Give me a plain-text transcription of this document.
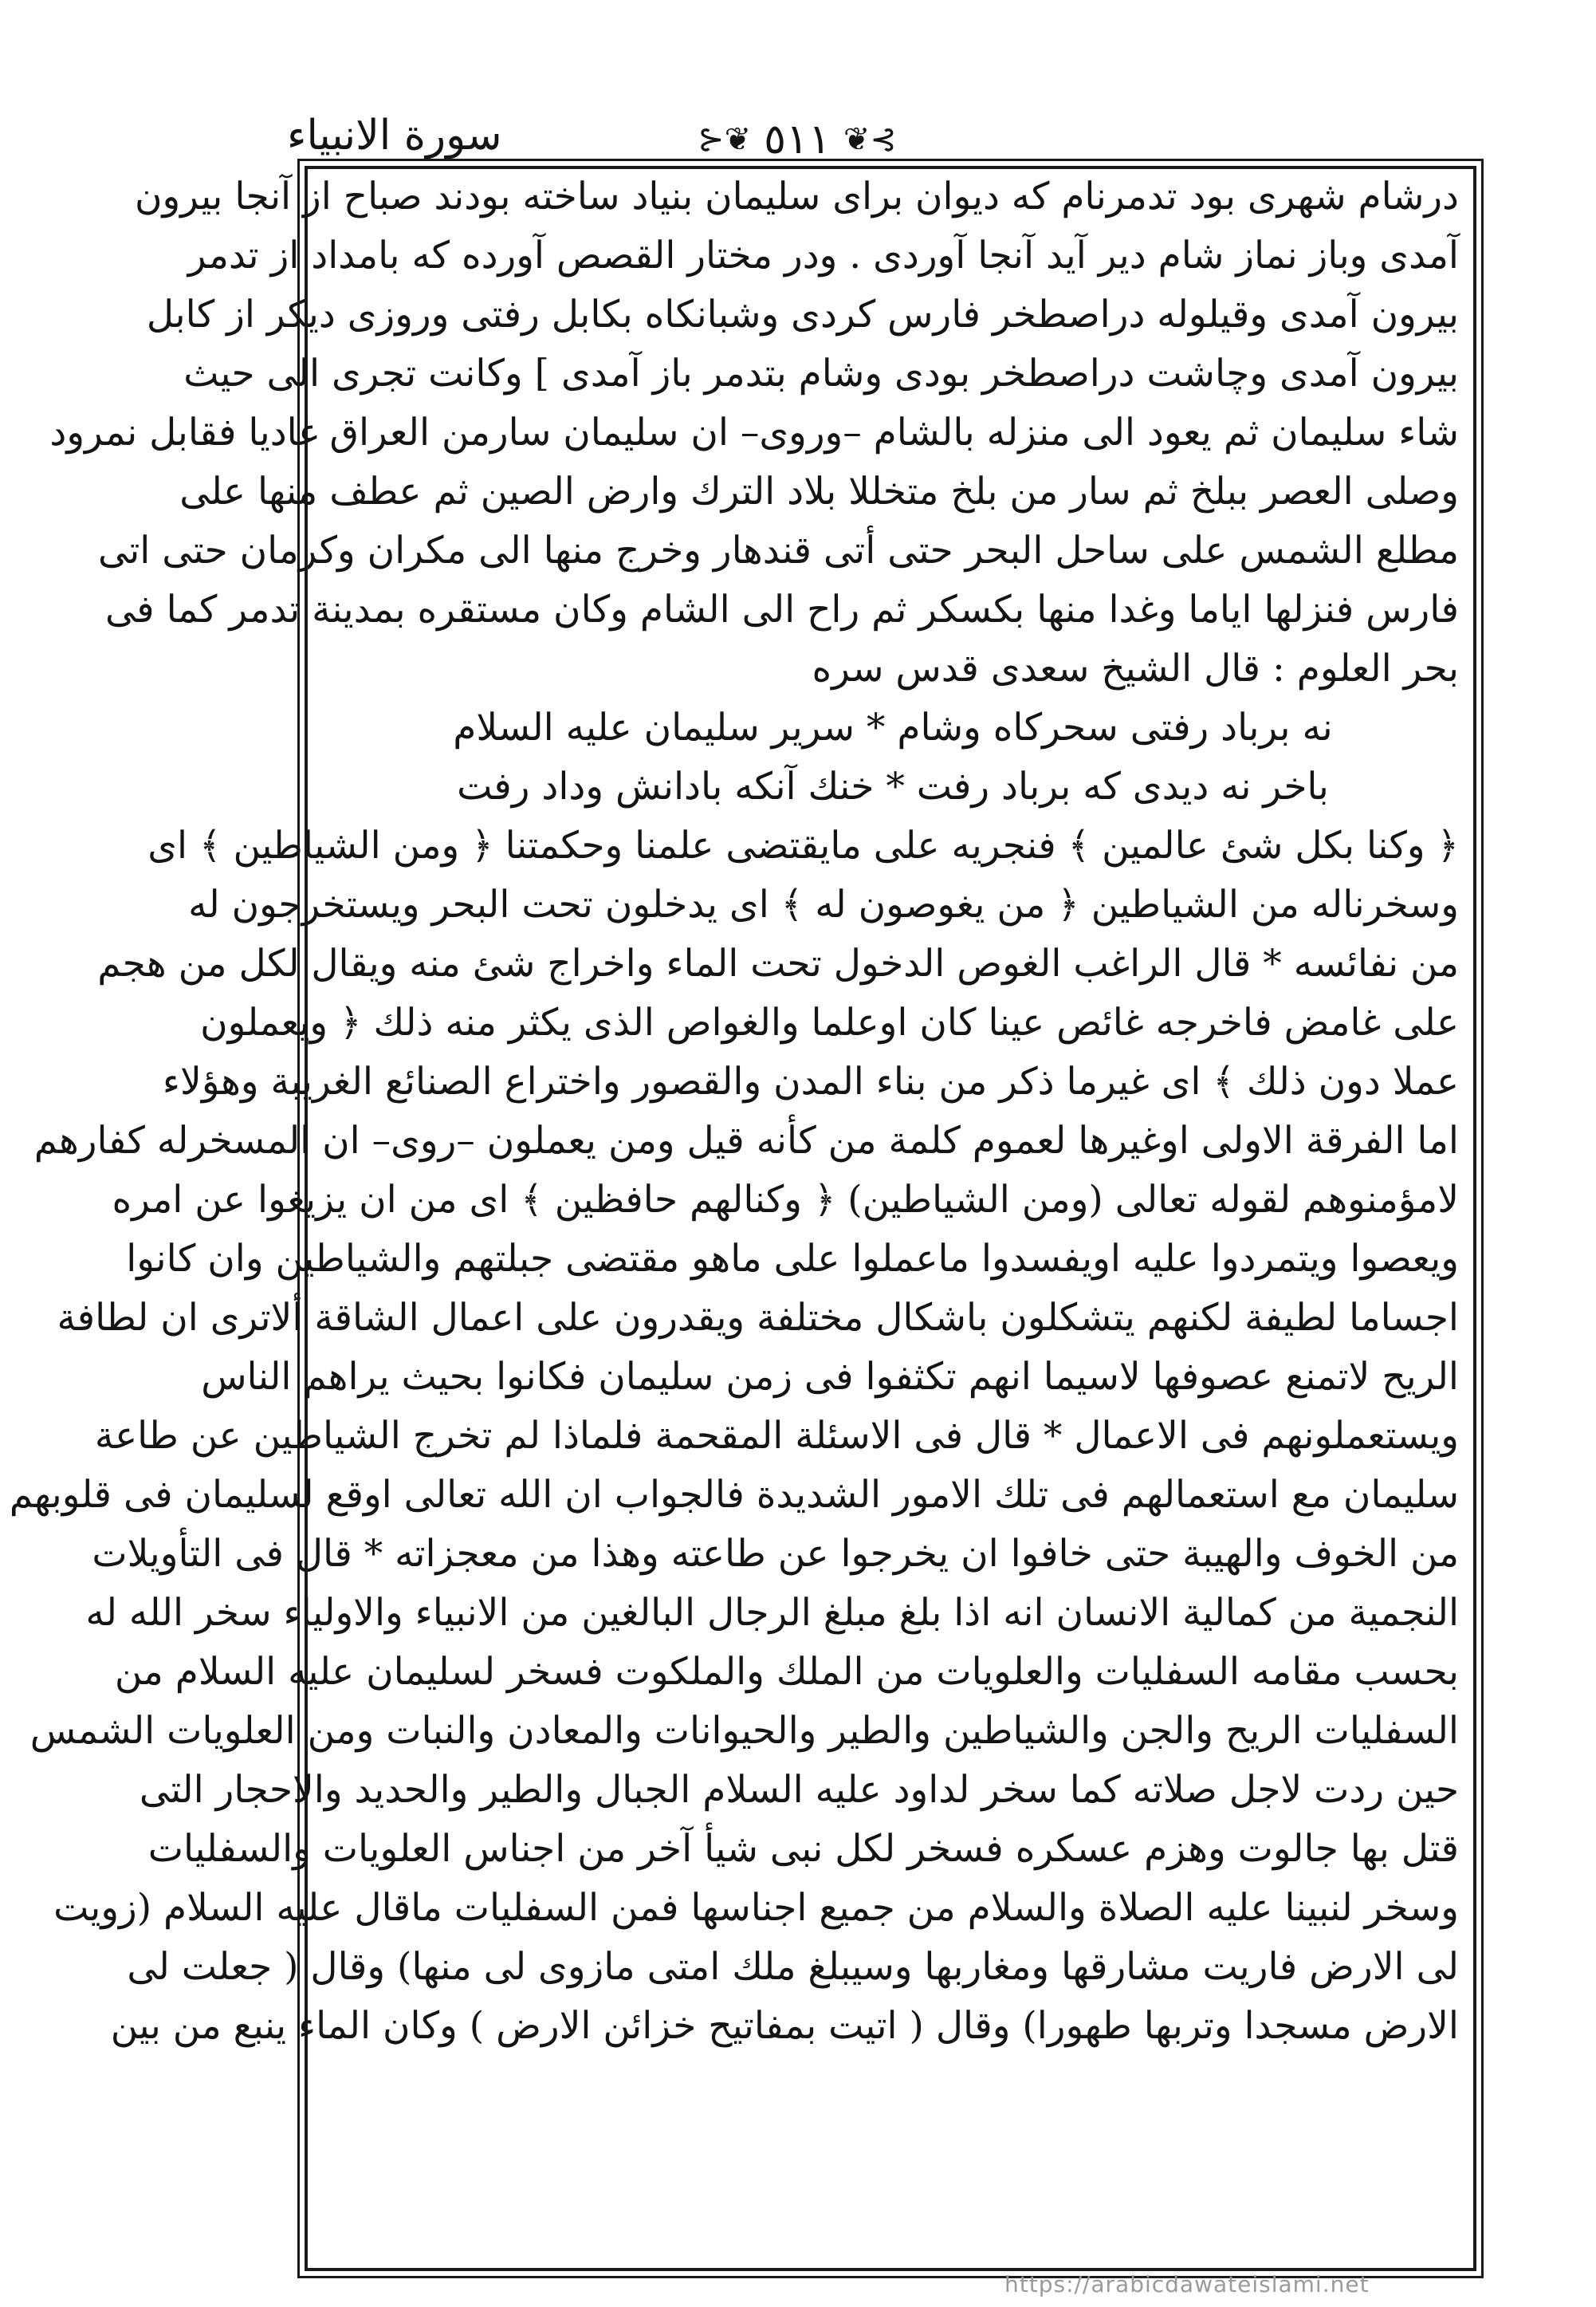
سورة الانبياء	⊱❦ ٥١١ ❦⊰
درشام شهری بود تدمرنام که دیوان برای سلیمان بنیاد ساخته بودند صباح از آنجا بیرون
آمدی وباز نماز شام دیر آید آنجا آوردی . ودر مختار القصص آورده که بامداد از تدمر
بیرون آمدی وقیلوله دراصطخر فارس کردی وشبانکاه بکابل رفتی وروزی دیکر از کابل
بیرون آمدی وچاشت دراصطخر بودی وشام بتدمر باز آمدی ] وكانت تجرى الى حيث
شاء سليمان ثم يعود الى منزله بالشام –وروى– ان سليمان سارمن العراق غاديا فقابل نمرود
وصلى العصر ببلخ ثم سار من بلخ متخللا بلاد الترك وارض الصين ثم عطف منها على
مطلع الشمس على ساحل البحر حتى أتى قندهار وخرج منها الى مكران وكرمان حتى اتى
فارس فنزلها اياما وغدا منها بكسكر ثم راح الى الشام وكان مستقره بمدينة تدمر كما فى
بحر العلوم : قال الشيخ سعدى قدس سره
نه برباد رفتی سحرکاه وشام * سریر سلیمان علیه السلام
باخر نه دیدی که برباد رفت * خنك آنكه بادانش وداد رفت
﴿ وكنا بكل شئ عالمين ﴾ فنجريه على مايقتضى علمنا وحكمتنا ﴿ ومن الشياطين ﴾ اى
وسخرناله من الشياطين ﴿ من يغوصون له ﴾ اى يدخلون تحت البحر ويستخرجون له
من نفائسه * قال الراغب الغوص الدخول تحت الماء واخراج شئ منه ويقال لكل من هجم
على غامض فاخرجه غائص عينا كان اوعلما والغواص الذى يكثر منه ذلك ﴿ ويعملون
عملا دون ذلك ﴾ اى غيرما ذكر من بناء المدن والقصور واختراع الصنائع الغريبة وهؤلاء
اما الفرقة الاولى اوغيرها لعموم كلمة من كأنه قيل ومن يعملون –روى– ان المسخرله كفارهم
لامؤمنوهم لقوله تعالى (ومن الشياطين) ﴿ وكنالهم حافظين ﴾ اى من ان يزيغوا عن امره
ويعصوا ويتمردوا عليه اويفسدوا ماعملوا على ماهو مقتضى جبلتهم والشياطين وان كانوا
اجساما لطيفة لكنهم يتشكلون باشكال مختلفة ويقدرون على اعمال الشاقة ألاترى ان لطافة
الريح لاتمنع عصوفها لاسيما انهم تكثفوا فى زمن سليمان فكانوا بحيث يراهم الناس
ويستعملونهم فى الاعمال * قال فى الاسئلة المقحمة فلماذا لم تخرج الشياطين عن طاعة
سليمان مع استعمالهم فى تلك الامور الشديدة فالجواب ان الله تعالى اوقع لسليمان فى قلوبهم
من الخوف والهيبة حتى خافوا ان يخرجوا عن طاعته وهذا من معجزاته * قال فى التأويلات
النجمية من كمالية الانسان انه اذا بلغ مبلغ الرجال البالغين من الانبياء والاولياء سخر الله له
بحسب مقامه السفليات والعلويات من الملك والملكوت فسخر لسليمان عليه السلام من
السفليات الريح والجن والشياطين والطير والحيوانات والمعادن والنبات ومن العلويات الشمس
حين ردت لاجل صلاته كما سخر لداود عليه السلام الجبال والطير والحديد والاحجار التى
قتل بها جالوت وهزم عسكره فسخر لكل نبى شيأ آخر من اجناس العلويات والسفليات
وسخر لنبينا عليه الصلاة والسلام من جميع اجناسها فمن السفليات ماقال عليه السلام (زويت
لى الارض فاريت مشارقها ومغاربها وسيبلغ ملك امتى مازوى لى منها) وقال ( جعلت لى
الارض مسجدا وتربها طهورا) وقال ( اتيت بمفاتيح خزائن الارض ) وكان الماء ينبع من بين
https://arabicdawateislami.net
